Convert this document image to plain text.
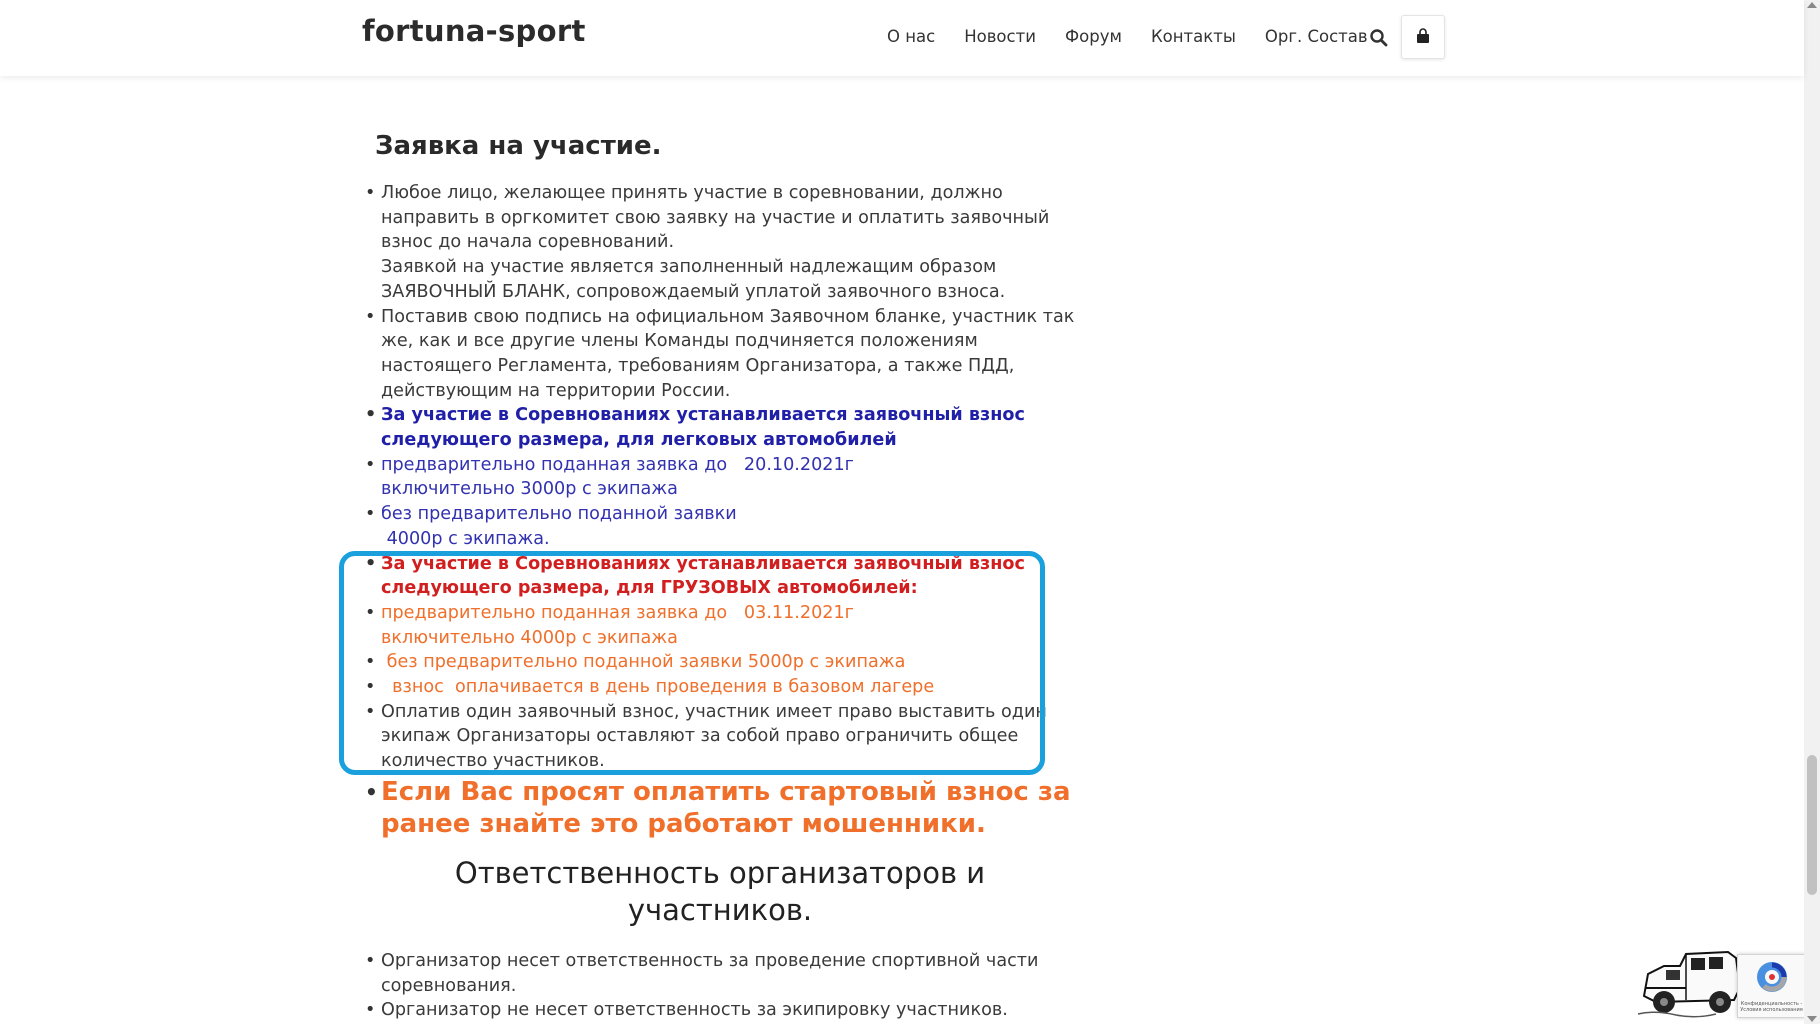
fortuna-sport	О нас Новости Форум Контакты Орг. Состав
Заявка на участие.
• Любое лицо, желающее принять участие в соревновании, должно направить в оргкомитет свою заявку на участие и оплатить заявочный взнос до начала соревнований.
Заявкой на участие является заполненный надлежащим образом ЗАЯВОЧНЫЙ БЛАНК, сопровождаемый уплатой заявочного взноса.
• Поставив свою подпись на официальном Заявочном бланке, участник так же, как и все другие члены Команды подчиняется положениям настоящего Регламента, требованиям Организатора, а также ПДД, действующим на территории России.
• За участие в Соревнованиях устанавливается заявочный взнос следующего размера, для легковых автомобилей
• предварительно поданная заявка до   20.10.2021г
включительно 3000р с экипажа
• без предварительно поданной заявки
4000р с экипажа.
• За участие в Соревнованиях устанавливается заявочный взнос следующего размера, для ГРУЗОВЫХ автомобилей:
• предварительно поданная заявка до   03.11.2021г
включительно 4000р с экипажа
•  без предварительно поданной заявки 5000р с экипажа
•   взнос  оплачивается в день проведения в базовом лагере
• Оплатив один заявочный взнос, участник имеет право выставить один экипаж Организаторы оставляют за собой право ограничить общее количество участников.
• Если Вас просят оплатить стартовый взнос за ранее знайте это работают мошенники.
Ответственность организаторов и участников.
• Организатор несет ответственность за проведение спортивной части соревнования.
• Организатор не несет ответственность за экипировку участников.	Конфиденциальность - Условия использования
